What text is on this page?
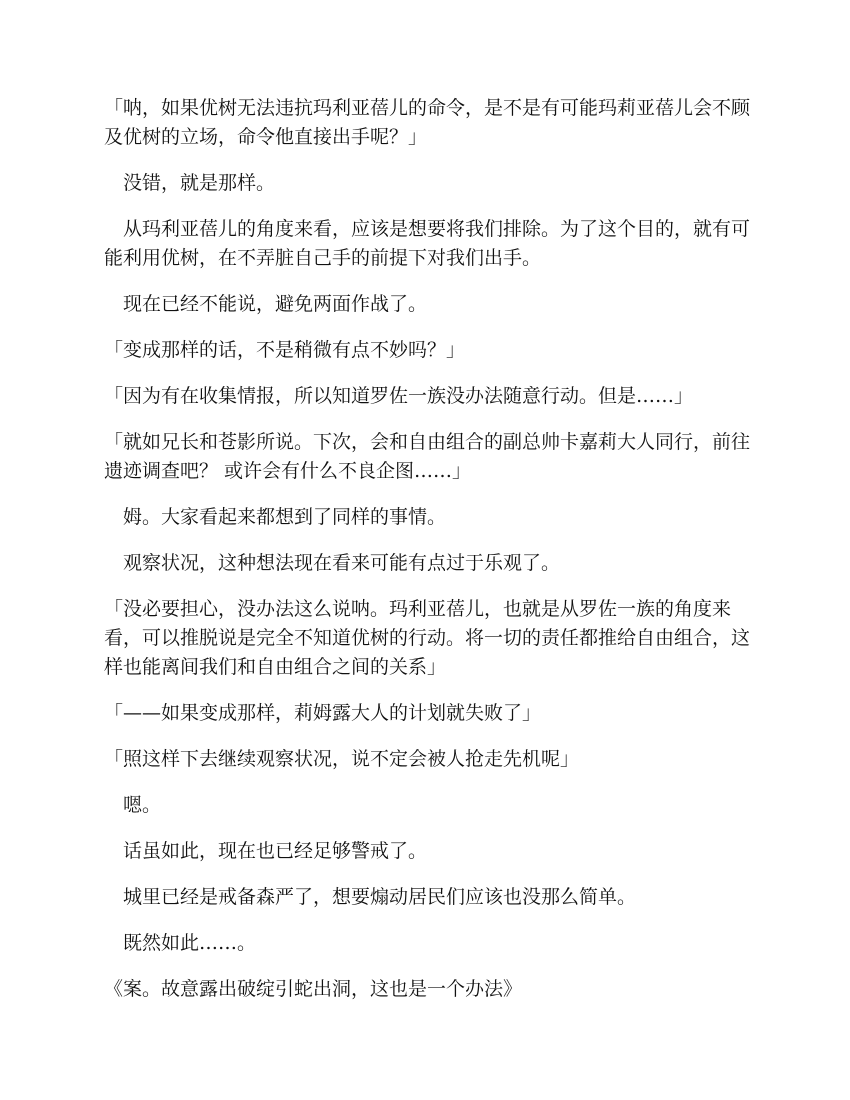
「呐，如果优树无法违抗玛利亚蓓儿的命令，是不是有可能玛莉亚蓓儿会不顾及优树的立场，命令他直接出手呢？」

　没错，就是那样。

　从玛利亚蓓儿的角度来看，应该是想要将我们排除。为了这个目的，就有可能利用优树，在不弄脏自己手的前提下对我们出手。

　现在已经不能说，避免两面作战了。

「变成那样的话，不是稍微有点不妙吗？」

「因为有在收集情报，所以知道罗佐一族没办法随意行动。但是……」

「就如兄长和苍影所说。下次，会和自由组合的副总帅卡嘉莉大人同行，前往遗迹调查吧？ 或许会有什么不良企图……」

　姆。大家看起来都想到了同样的事情。

　观察状况，这种想法现在看来可能有点过于乐观了。

「没必要担心，没办法这么说呐。玛利亚蓓儿，也就是从罗佐一族的角度来看，可以推脱说是完全不知道优树的行动。将一切的责任都推给自由组合，这样也能离间我们和自由组合之间的关系」

「——如果变成那样，莉姆露大人的计划就失败了」

「照这样下去继续观察状况，说不定会被人抢走先机呢」

　嗯。

　话虽如此，现在也已经足够警戒了。

　城里已经是戒备森严了，想要煽动居民们应该也没那么简单。

　既然如此……。

《案。故意露出破绽引蛇出洞，这也是一个办法》
